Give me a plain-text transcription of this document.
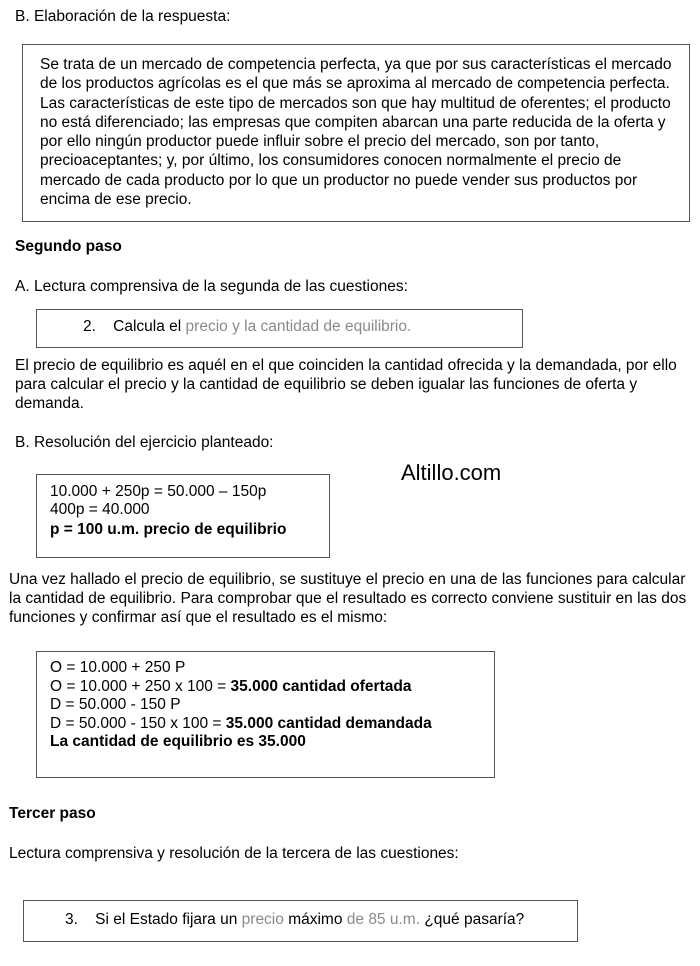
B. Elaboración de la respuesta:

Se trata de un mercado de competencia perfecta, ya que por sus características el mercado de los productos agrícolas es el que más se aproxima al mercado de competencia perfecta. Las características de este tipo de mercados son que hay multitud de oferentes; el producto no está diferenciado; las empresas que compiten abarcan una parte reducida de la oferta y por ello ningún productor puede influir sobre el precio del mercado, son por tanto, precioaceptantes; y, por último, los consumidores conocen normalmente el precio de mercado de cada producto por lo que un productor no puede vender sus productos por encima de ese precio.

Segundo paso
A. Lectura comprensiva de la segunda de las cuestiones:
2. Calcula el precio y la cantidad de equilibrio.

El precio de equilibrio es aquél en el que coinciden la cantidad ofrecida y la demandada, por ello para calcular el precio y la cantidad de equilibrio se deben igualar las funciones de oferta y demanda.

B. Resolución del ejercicio planteado:
Altillo.com
10.000 + 250p = 50.000 – 150p
400p = 40.000
p = 100 u.m. precio de equilibrio

Una vez hallado el precio de equilibrio, se sustituye el precio en una de las funciones para calcular la cantidad de equilibrio. Para comprobar que el resultado es correcto conviene sustituir en las dos funciones y confirmar así que el resultado es el mismo:

O = 10.000 + 250 P
O = 10.000 + 250 x 100 = 35.000 cantidad ofertada
D = 50.000 - 150 P
D = 50.000 - 150 x 100 = 35.000 cantidad demandada
La cantidad de equilibrio es 35.000
Tercer paso
Lectura comprensiva y resolución de la tercera de las cuestiones:
3. Si el Estado fijara un precio máximo de 85 u.m. ¿qué pasaría?
